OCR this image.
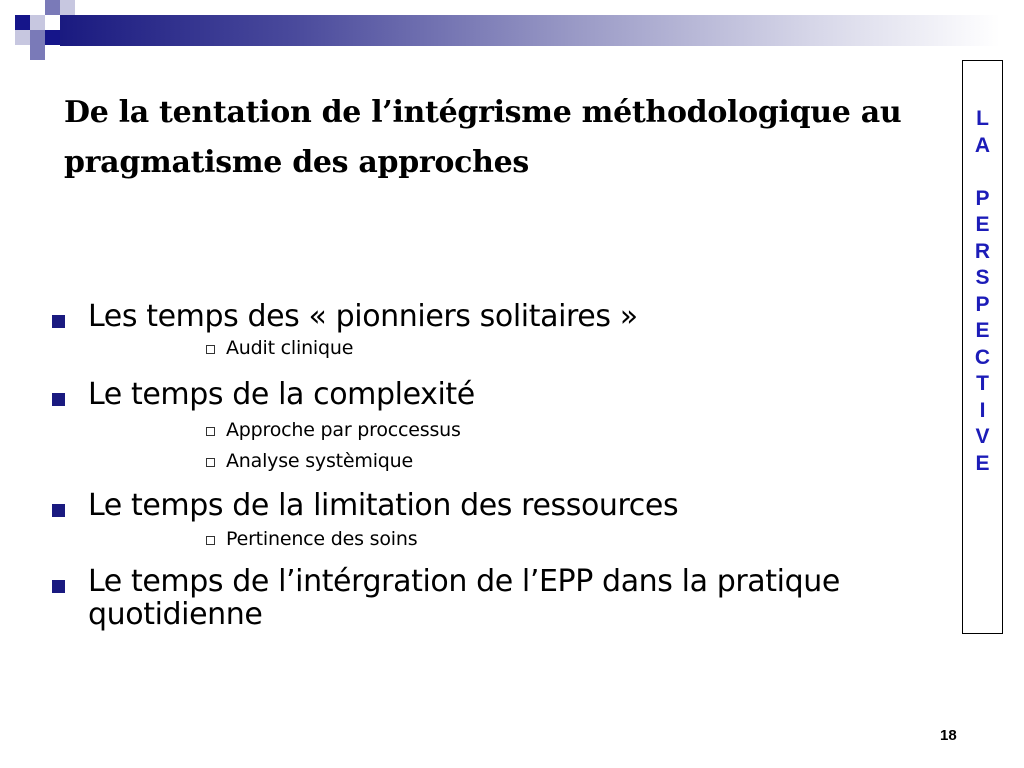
De la tentation de l’intégrisme méthodologique au pragmatisme des approches
L
A

P
E
R
S
P
E
C
T
I
V
E
Les temps des « pionniers solitaires »
Audit clinique
Le temps de la complexité
Approche par proccessus
Analyse systèmique
Le temps de la limitation des ressources
Pertinence des soins
Le temps de l’intérgration de l’EPP dans la pratique quotidienne
18
